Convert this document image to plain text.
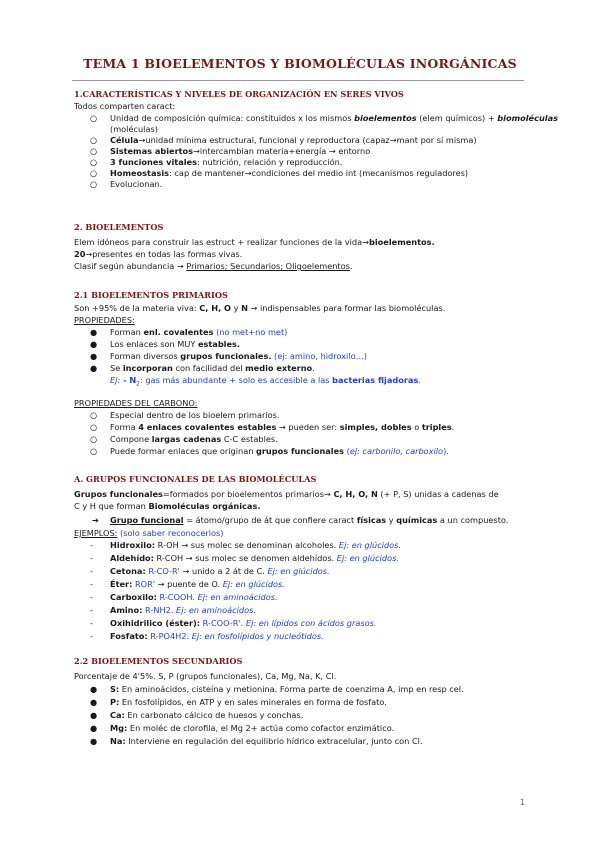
TEMA 1 BIOELEMENTOS Y BIOMOLÉCULAS INORGÁNICAS
1.CARACTERÍSTICAS Y NIVELES DE ORGANIZACIÓN EN SERES VIVOS
Todos comparten caract:
○ Unidad de composición química: constituidos x los mismos bioelementos (elem químicos) + biomoléculas
(moléculas)
○ Célula→unidad mínima estructural, funcional y reproductora (capaz→mant por sí misma)
○ Sistemas abiertos→intercambian materia+energía → entorno
○ 3 funciones vitales: nutrición, relación y reproducción.
○ Homeostasis: cap de mantener→condiciones del medio int (mecanismos reguladores)
○ Evolucionan.
2. BIOELEMENTOS
Elem idóneos para construir las estruct + realizar funciones de la vida→bioelementos.
20→presentes en todas las formas vivas.
Clasif según abundancia → Primarios; Secundarios; Oligoelementos.
2.1 BIOELEMENTOS PRIMARIOS
Son +95% de la materia viva: C, H, O y N → indispensables para formar las biomoléculas.
PROPIEDADES:
● Forman enl. covalentes (no met+no met)
● Los enlaces son MUY estables.
● Forman diversos grupos funcionales. (ej: amino, hidroxilo…)
● Se incorporan con facilidad del medio externo.
Ej: - $N_2$: gas más abundante + solo es accesible a las bacterias fijadoras.
PROPIEDADES DEL CARBONO:
○ Especial dentro de los bioelem primarios.
○ Forma 4 enlaces covalentes estables → pueden ser: simples, dobles o triples.
○ Compone largas cadenas C-C estables.
○ Puede formar enlaces que originan grupos funcionales (ej: carbonilo, carboxilo).
A. GRUPOS FUNCIONALES DE LAS BIOMOLÉCULAS
Grupos funcionales=formados por bioelementos primarios→ C, H, O, N (+ P, S) unidas a cadenas de
C y H que forman Biomoléculas orgánicas.
➔ Grupo funcional = átomo/grupo de át que confiere caract físicas y químicas a un compuesto.
EJEMPLOS: (solo saber reconocerlos)
- Hidroxilo: R-OH → sus molec se denominan alcoholes. Ej: en glúcidos.
- Aldehído: R-COH → sus molec se denomen aldehídos. Ej: en glúcidos.
- Cetona: R-CO-R' → unido a 2 át de C. Ej: en glúcidos.
- Éter: ROR' → puente de O. Ej: en glúcidos.
- Carboxilo: R-COOH. Ej: en aminoácidos.
- Amino: R-NH2. Ej: en aminoácidos.
- Oxihidrilico (éster): R-COO-R'. Ej: en lípidos con ácidos grasos.
- Fosfato: R-PO4H2. Ej: en fosfolípidos y nucleótidos.
2.2 BIOELEMENTOS SECUNDARIOS
Porcentaje de 4'5%. S, P (grupos funcionales), Ca, Mg, Na, K, Cl.
● S: En aminoácidos, cisteína y metionina. Forma parte de coenzima A, imp en resp cel.
● P: En fosfolípidos, en ATP y en sales minerales en forma de fosfato.
● Ca: En carbonato cálcico de huesos y conchas.
● Mg: En moléc de clorofila, el Mg 2+ actúa como cofactor enzimático.
● Na: Interviene en regulación del equilibrio hídrico extracelular, junto con Cl.
1
